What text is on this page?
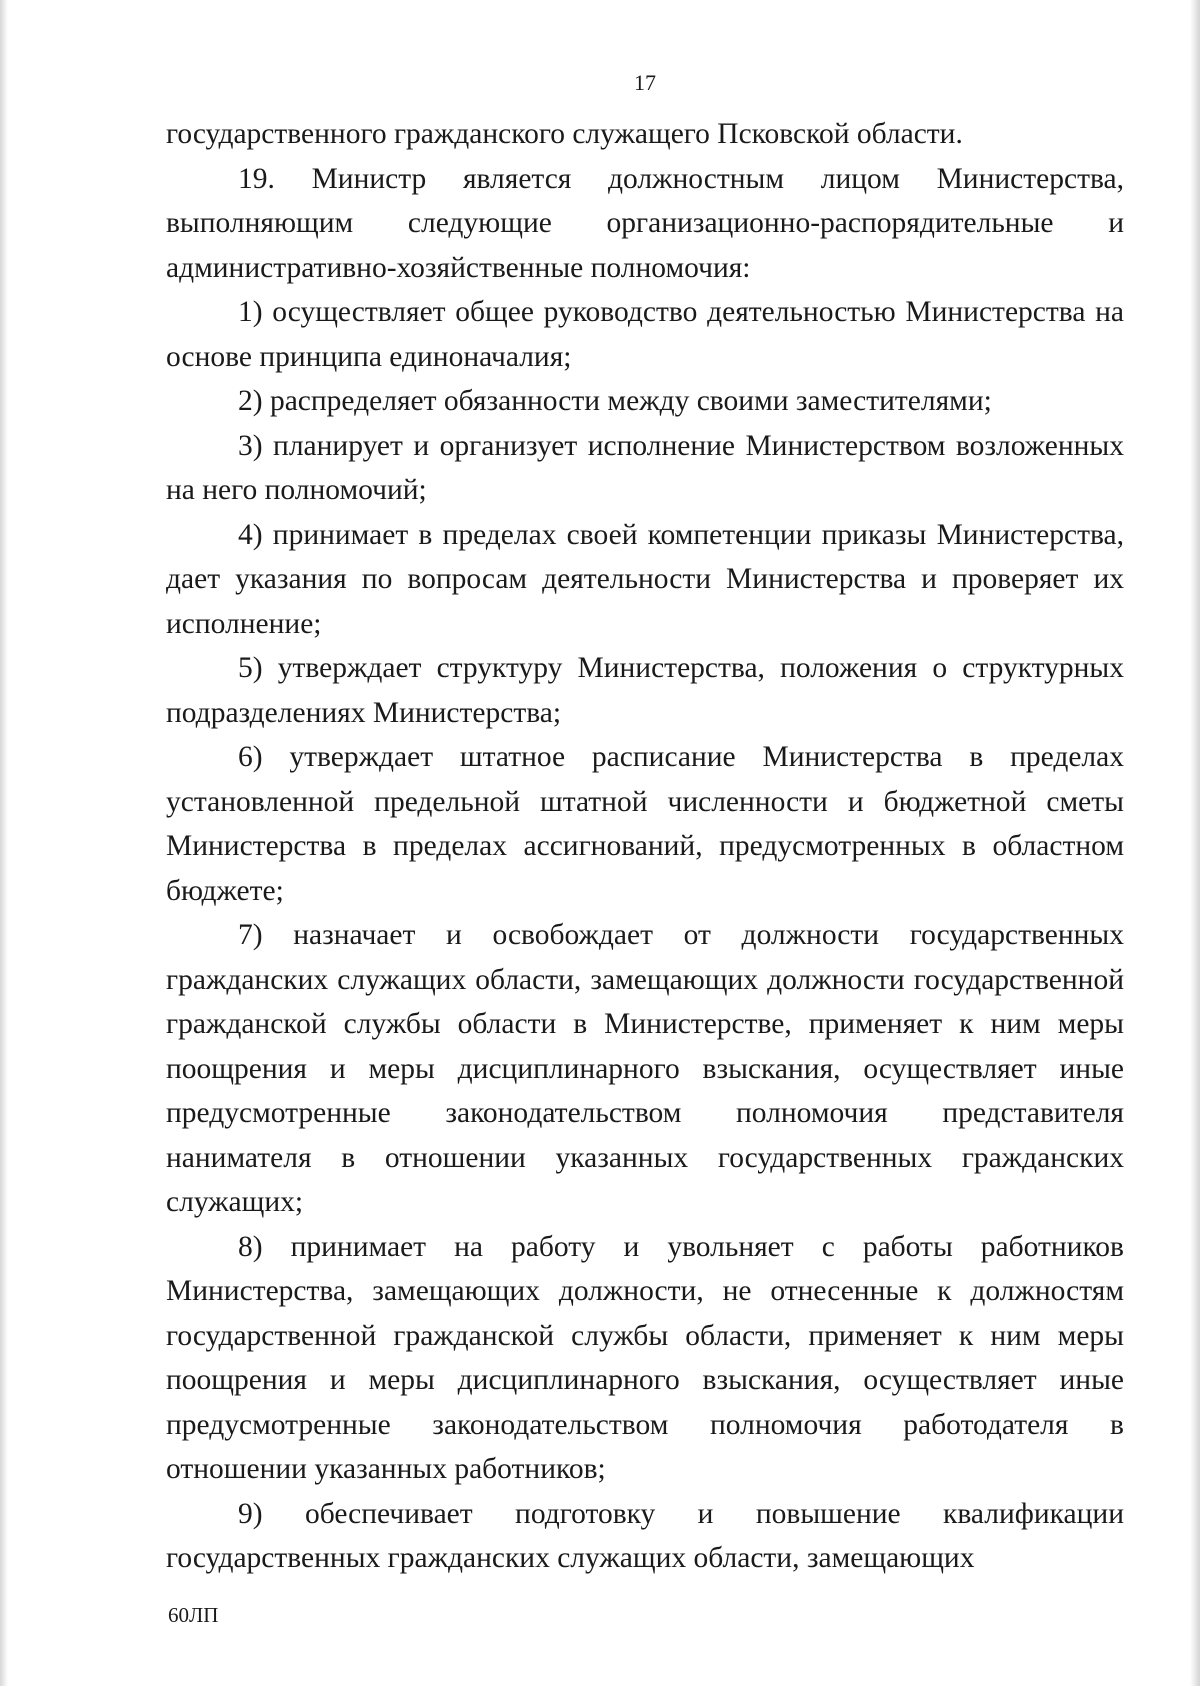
17

государственного гражданского служащего Псковской области.

19. Министр является должностным лицом Министерства, выполняющим следующие организационно-распорядительные и административно-хозяйственные полномочия:

1) осуществляет общее руководство деятельностью Министерства на основе принципа единоначалия;

2) распределяет обязанности между своими заместителями;

3) планирует и организует исполнение Министерством возложенных на него полномочий;

4) принимает в пределах своей компетенции приказы Министерства, дает указания по вопросам деятельности Министерства и проверяет их исполнение;

5) утверждает структуру Министерства, положения о структурных подразделениях Министерства;

6) утверждает штатное расписание Министерства в пределах установленной предельной штатной численности и бюджетной сметы Министерства в пределах ассигнований, предусмотренных в областном бюджете;

7) назначает и освобождает от должности государственных гражданских служащих области, замещающих должности государственной гражданской службы области в Министерстве, применяет к ним меры поощрения и меры дисциплинарного взыскания, осуществляет иные предусмотренные законодательством полномочия представителя нанимателя в отношении указанных государственных гражданских служащих;

8) принимает на работу и увольняет с работы работников Министерства, замещающих должности, не отнесенные к должностям государственной гражданской службы области, применяет к ним меры поощрения и меры дисциплинарного взыскания, осуществляет иные предусмотренные законодательством полномочия работодателя в отношении указанных работников;

9) обеспечивает подготовку и повышение квалификации государственных гражданских служащих области, замещающих

60ЛП
